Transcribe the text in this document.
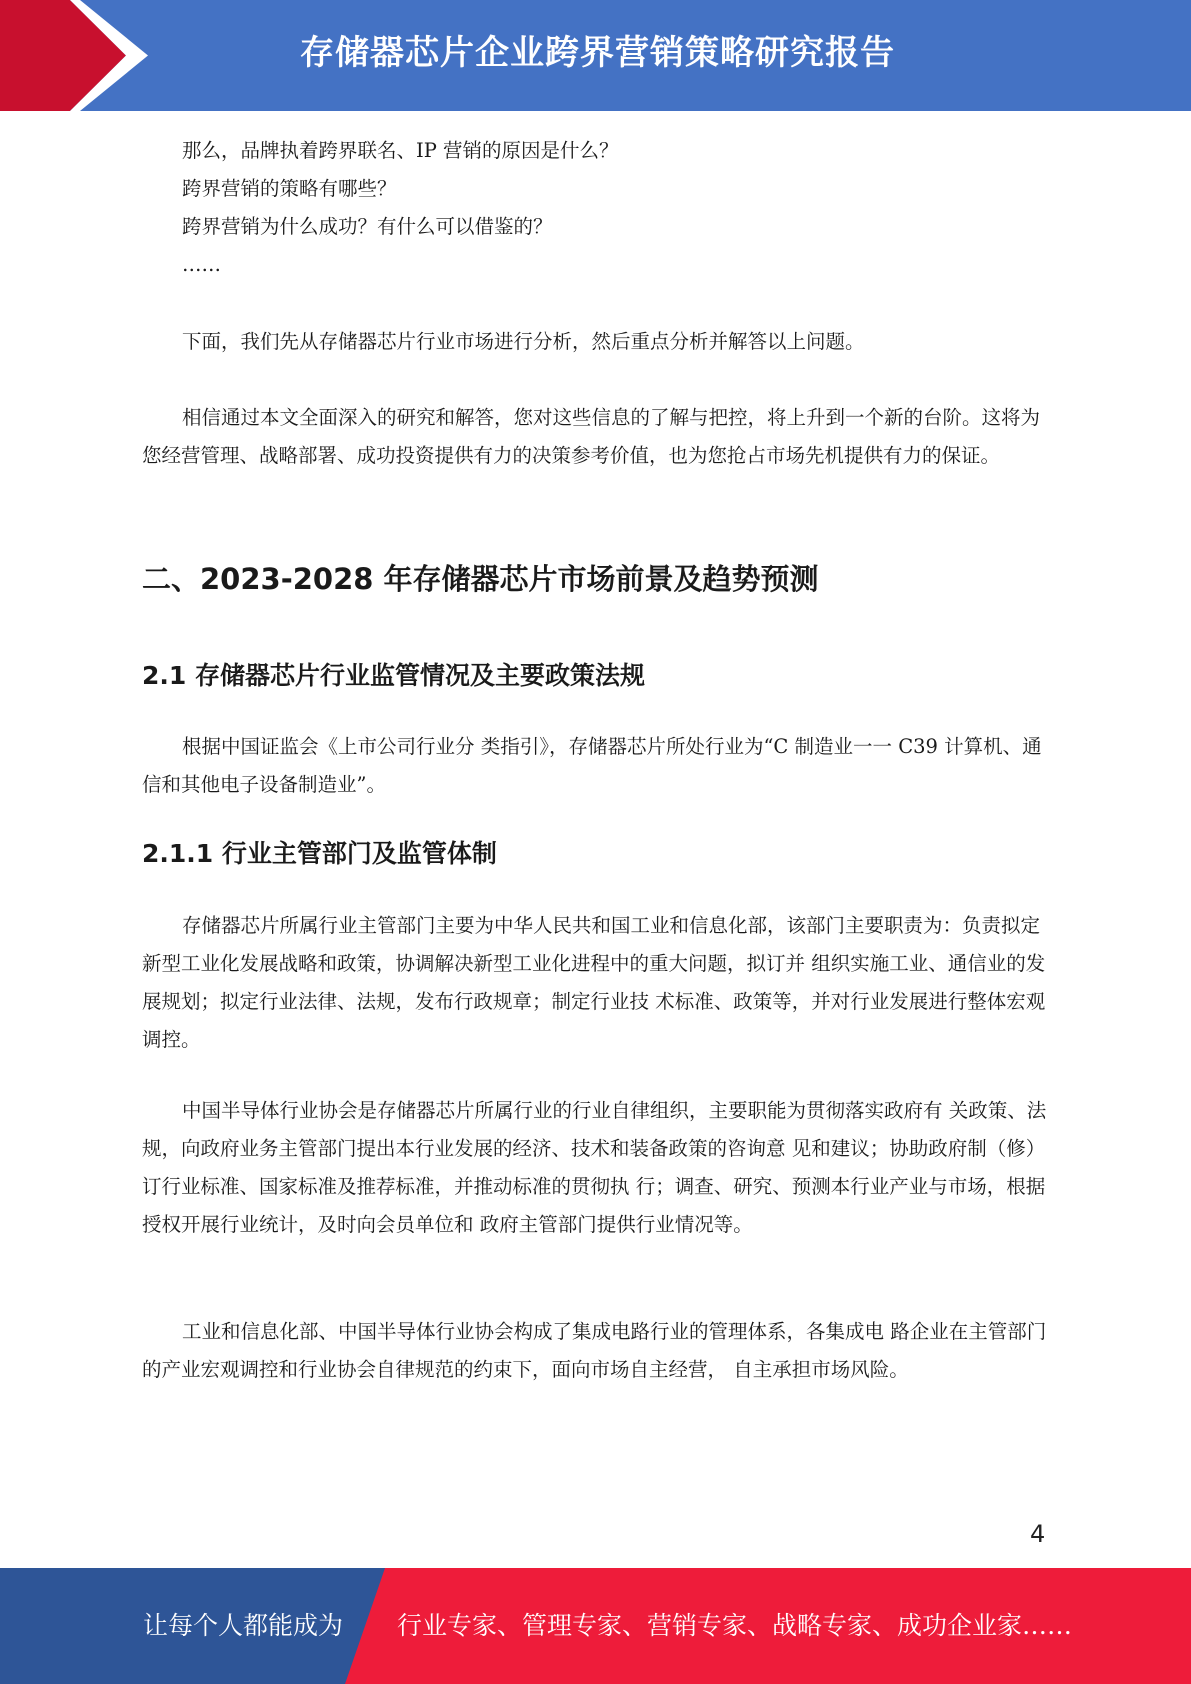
存储器芯片企业跨界营销策略研究报告

那么，品牌执着跨界联名、IP 营销的原因是什么？

跨界营销的策略有哪些？

跨界营销为什么成功？有什么可以借鉴的？

……

下面，我们先从存储器芯片行业市场进行分析，然后重点分析并解答以上问题。

相信通过本文全面深入的研究和解答，您对这些信息的了解与把控，将上升到一个新的台阶。这将为您经营管理、战略部署、成功投资提供有力的决策参考价值，也为您抢占市场先机提供有力的保证。

二、2023-2028 年存储器芯片市场前景及趋势预测
2.1 存储器芯片行业监管情况及主要政策法规

根据中国证监会《上市公司行业分 类指引》，存储器芯片所处行业为“C 制造业一一 C39 计算机、通信和其他电子设备制造业”。

2.1.1 行业主管部门及监管体制

存储器芯片所属行业主管部门主要为中华人民共和国工业和信息化部，该部门主要职责为：负责拟定新型工业化发展战略和政策，协调解决新型工业化进程中的重大问题，拟订并 组织实施工业、通信业的发展规划；拟定行业法律、法规，发布行政规章；制定行业技 术标准、政策等，并对行业发展进行整体宏观调控。

中国半导体行业协会是存储器芯片所属行业的行业自律组织，主要职能为贯彻落实政府有 关政策、法规，向政府业务主管部门提出本行业发展的经济、技术和装备政策的咨询意 见和建议；协助政府制（修）订行业标准、国家标准及推荐标准，并推动标准的贯彻执 行；调查、研究、预测本行业产业与市场，根据授权开展行业统计，及时向会员单位和 政府主管部门提供行业情况等。

工业和信息化部、中国半导体行业协会构成了集成电路行业的管理体系，各集成电 路企业在主管部门的产业宏观调控和行业协会自律规范的约束下，面向市场自主经营， 自主承担市场风险。

4
让每个人都能成为 行业专家、管理专家、营销专家、战略专家、成功企业家……
